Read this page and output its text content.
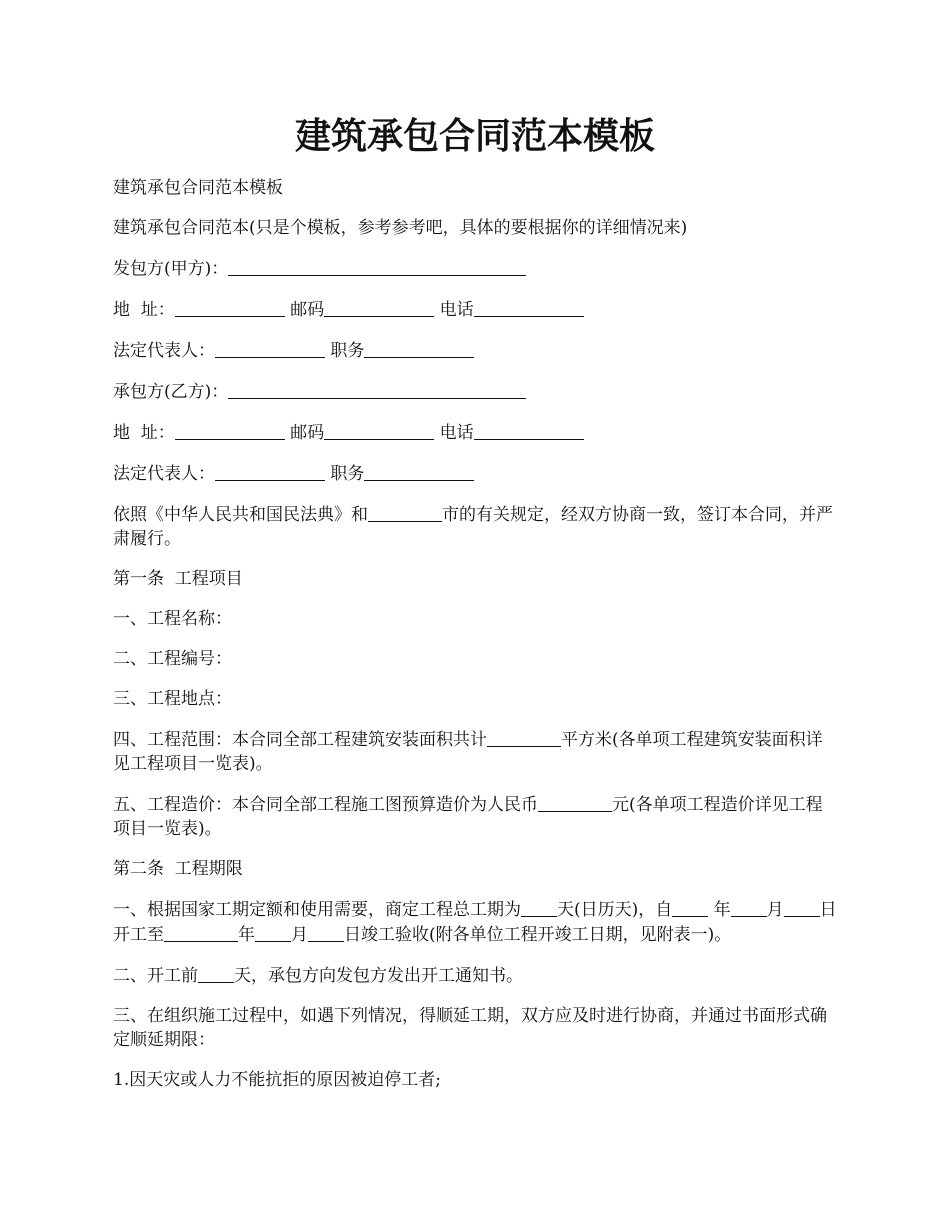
建筑承包合同范本模板

建筑承包合同范本模板

建筑承包合同范本(只是个模板，参考参考吧，具体的要根据你的详细情况来)

发包方(甲方)：

地  址：	邮码	电话

法定代表人：	职务

承包方(乙方)：

地  址：	邮码	电话

法定代表人：	职务

依照《中华人民共和国民法典》和	市的有关规定，经双方协商一致，签订本合同，并严肃履行。

第一条  工程项目

一、工程名称：

二、工程编号：

三、工程地点：

四、工程范围：本合同全部工程建筑安装面积共计	平方米(各单项工程建筑安装面积详见工程项目一览表)。

五、工程造价：本合同全部工程施工图预算造价为人民币	元(各单项工程造价详见工程项目一览表)。

第二条  工程期限

一、根据国家工期定额和使用需要，商定工程总工期为 天(日历天)，自 年 月 日开工至	年 月 日竣工验收(附各单位工程开竣工日期，见附表一)。

二、开工前 天，承包方向发包方发出开工通知书。

三、在组织施工过程中，如遇下列情况，得顺延工期，双方应及时进行协商，并通过书面形式确定顺延期限：

1.因天灾或人力不能抗拒的原因被迫停工者;
